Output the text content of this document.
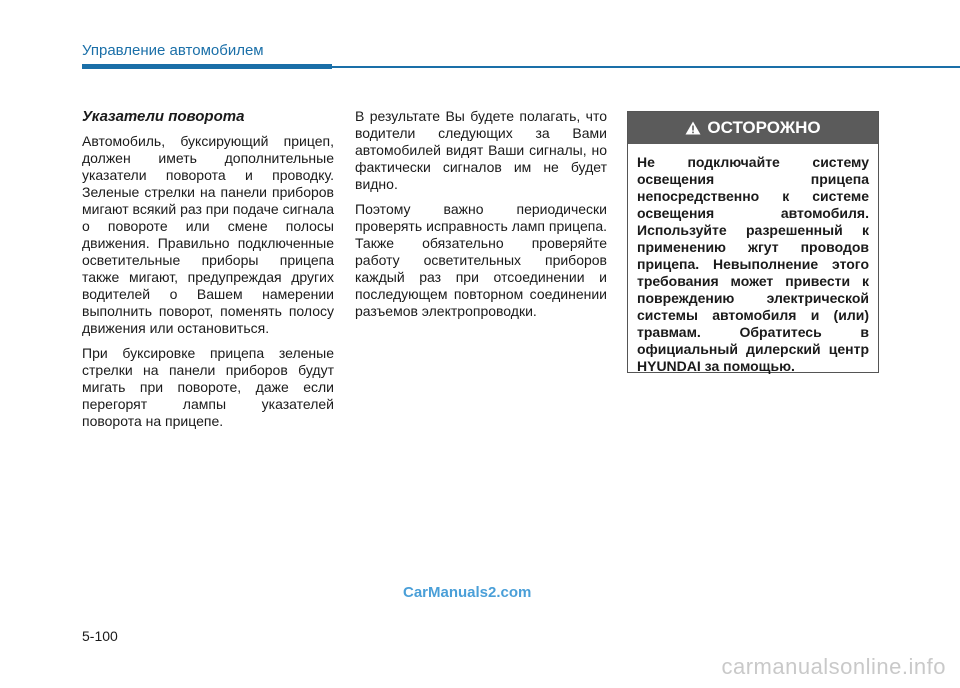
Управление автомобилем
Указатели поворота

Автомобиль, буксирующий прицеп, должен иметь дополнительные указатели поворота и проводку. Зеленые стрелки на панели приборов мигают всякий раз при подаче сигнала о повороте или смене полосы движения. Правильно подключенные осветительные приборы прицепа также мигают, предупреждая других водителей о Вашем намерении выполнить поворот, поменять полосу движения или остановиться.

При буксировке прицепа зеленые стрелки на панели приборов будут мигать при повороте, даже если перегорят лампы указателей поворота на прицепе.

В результате Вы будете полагать, что водители следующих за Вами автомобилей видят Ваши сигналы, но фактически сигналов им не будет видно.

Поэтому важно периодически проверять исправность ламп прицепа. Также обязательно проверяйте работу осветительных приборов каждый раз при отсоединении и последующем повторном соединении разъемов электропроводки.

ОСТОРОЖНО
Не подключайте систему освещения прицепа непосредственно к системе освещения автомобиля. Используйте разрешенный к применению жгут проводов прицепа. Невыполнение этого требования может привести к повреждению электрической системы автомобиля и (или) травмам. Обратитесь в официальный дилерский центр HYUNDAI за помощью.
CarManuals2.com
5-100
carmanualsonline.info
